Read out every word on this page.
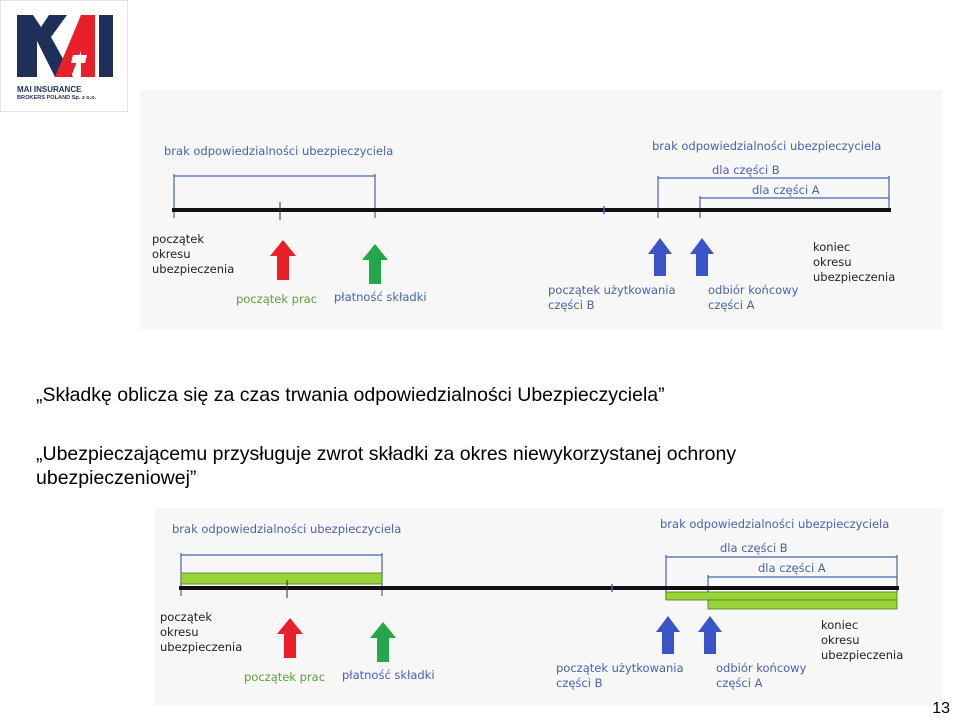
MAI INSURANCE
BROKERS POLAND Sp. z o.o.
brak odpowiedzialności ubezpieczyciela	brak odpowiedzialności ubezpieczyciela
dla części B
dla części A
początek
okresu
ubezpieczenia
początek prac płatność składki	początek użytkowania
części B
odbiór końcowy
części A
koniec
okresu
ubezpieczenia
„Składkę oblicza się za czas trwania odpowiedzialności Ubezpieczyciela”
„Ubezpieczającemu przysługuje zwrot składki za okres niewykorzystanej ochrony
ubezpieczeniowej”
brak odpowiedzialności ubezpieczyciela	brak odpowiedzialności ubezpieczyciela
dla części B
dla części A
początek
okresu
ubezpieczenia
początek prac płatność składki	początek użytkowania
części B
odbiór końcowy
części A
koniec
okresu
ubezpieczenia
13
